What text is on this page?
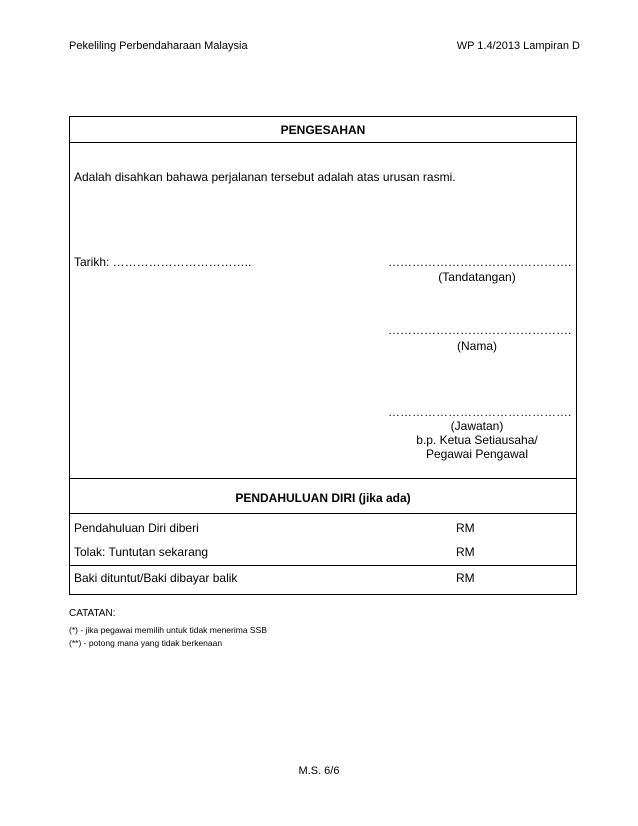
Pekeliling Perbendaharaan Malaysia	WP 1.4/2013 Lampiran D
PENGESAHAN
Adalah disahkan bahawa perjalanan tersebut adalah atas urusan rasmi.
Tarikh: ……………………………..	……………………………………….
(Tandatangan)
……………………………………….
(Nama)
……………………………………….
(Jawatan)
b.p. Ketua Setiausaha/
Pegawai Pengawal
PENDAHULUAN DIRI (jika ada)
Pendahuluan Diri diberi	RM
Tolak: Tuntutan sekarang	RM
Baki dituntut/Baki dibayar balik	RM
CATATAN:
(*) - jika pegawai memilih untuk tidak menerima SSB
(**) - potong mana yang tidak berkenaan
M.S. 6/6
